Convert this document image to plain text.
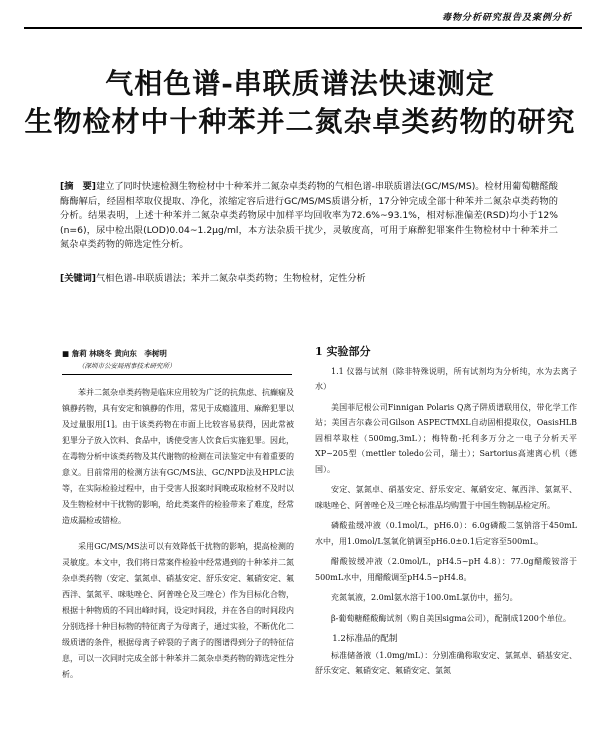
毒物分析研究报告及案例分析
气相色谱-串联质谱法快速测定
生物检材中十种苯并二氮杂卓类药物的研究
[摘　要]建立了同时快速检测生物检材中十种苯并二氮杂卓类药物的气相色谱-串联质谱法(GC/MS/MS)。检材用葡萄糖醛酸酶酶解后，经固相萃取仪提取、净化，浓缩定容后进行GC/MS/MS质谱分析，17分钟完成全部十种苯并二氮杂卓类药物的分析。结果表明，上述十种苯并二氮杂卓类药物尿中加样平均回收率为72.6%~93.1%，相对标准偏差(RSD)均小于12%(n=6)，尿中检出限(LOD)0.04~1.2μg/ml，本方法杂质干扰少，灵敏度高，可用于麻醉犯罪案件生物检材中十种苯并二氮杂卓类药物的筛选定性分析。
[关键词]气相色谱-串联质谱法；苯并二氮杂卓类药物；生物检材，定性分析
■ 詹莉 林晓冬 黄向东　李树明
（深圳市公安局刑事技术研究所）

苯并二氮杂卓类药物是临床应用较为广泛的抗焦虑、抗癫痫及镇静药物，具有安定和镇静的作用，常见于成瘾滥用、麻醉犯罪以及过量服用[1]。由于该类药物在市面上比较容易获得，因此常被犯罪分子放入饮料、食品中，诱使受害人饮食后实施犯罪。因此，在毒物分析中该类药物及其代谢物的检测在司法鉴定中有着重要的意义。目前常用的检测方法有GC/MS法、GC/NPD法及HPLC法等，在实际检验过程中，由于受害人报案时间晚或取检材不及时以及生物检材中干扰物的影响，给此类案件的检验带来了难度，经常造成漏检或错检。

采用GC/MS/MS法可以有效降低干扰物的影响，提高检测的灵敏度。本文中，我们将日常案件检验中经常遇到的十种苯并二氮杂卓类药物（安定、氯氮卓、硝基安定、舒乐安定、氟硝安定、氟西泮、氯氮平、咪哒唑仑、阿普唑仑及三唑仑）作为目标化合物，根据十种物质的不同出峰时间，设定时间段，并在各自的时间段内分别选择十种目标物的特征离子为母离子，通过实验，不断优化二级质谱的条件，根据母离子碎裂的子离子的图谱得到分子的特征信息，可以一次同时完成全部十种苯并二氮杂卓类药物的筛选定性分析。

1 实验部分

1.1 仪器与试剂（除非特殊说明，所有试剂均为分析纯，水为去离子水）

美国菲尼根公司Finnigan Polaris Q离子阱质谱联用仪，带化学工作站；美国吉尔森公司Gilson ASPECTMXL自动固相提取仪，OasisHLB 固相萃取柱（500mg,3mL）；梅特勒-托利多万分之一电子分析天平XP~205型（mettler toledo公司，瑞士）；Sartorius高速离心机（德国）。

安定、氯氮卓、硝基安定、舒乐安定、氟硝安定、氟西泮、氯氮平、咪哒唑仑、阿普唑仑及三唑仑标准品均购置于中国生物制品检定所。

磷酸盐缓冲液（0.1mol/L，pH6.0）：6.0g磷酸二氢钠溶于450mL水中，用1.0mol/L氢氧化钠调至pH6.0±0.1后定容至500mL。

醋酸铵缓冲液（2.0mol/L，pH4.5~pH 4.8）：77.0g醋酸铵溶于500mL水中，用醋酸调至pH4.5~pH4.8。

充氮氧液，2.0ml氨水溶于100.0mL氯仿中，摇匀。

β-葡萄糖醛酸酶试剂（购自美国sigma公司），配制成1200个单位。

1.2标准品的配制

标准储备液（1.0mg/mL）：分别准确称取安定、氯氮卓、硝基安定、舒乐安定、氟硝安定、氟硝安定、氯氮
